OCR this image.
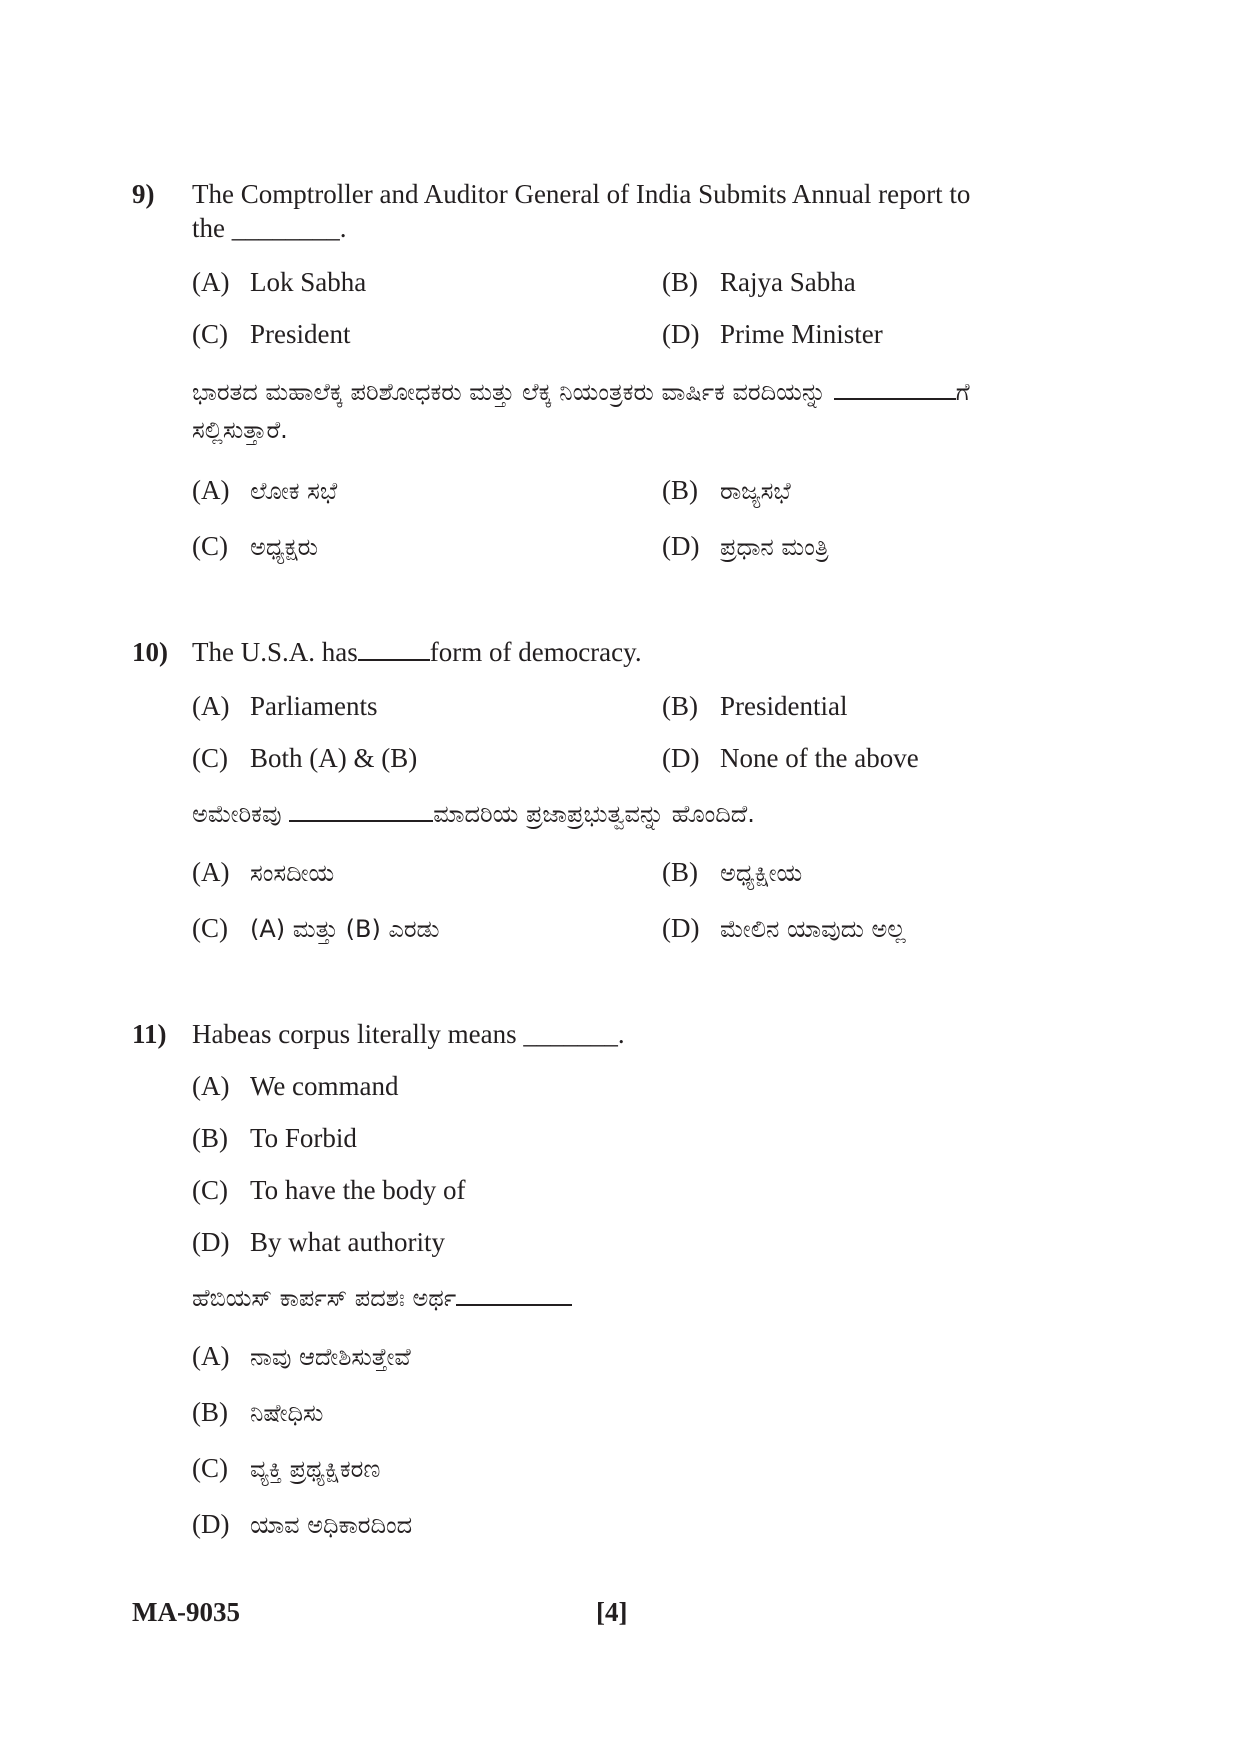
9) The Comptroller and Auditor General of India Submits Annual report to
the ________.
(A) Lok Sabha	(B) Rajya Sabha
(C) President	(D) Prime Minister
ಭಾರತದ ಮಹಾಲೆಕ್ಕ ಪರಿಶೋಧಕರು ಮತ್ತು ಲೆಕ್ಕ ನಿಯಂತ್ರಕರು ವಾರ್ಷಿಕ ವರದಿಯನ್ನು	ಗೆ
ಸಲ್ಲಿಸುತ್ತಾರೆ.
(A) ಲೋಕ ಸಭೆ	(B) ರಾಜ್ಯಸಭೆ
(C) ಅಧ್ಯಕ್ಷರು	(D) ಪ್ರಧಾನ ಮಂತ್ರಿ
10) The U.S.A. has	form of democracy.
(A) Parliaments	(B) Presidential
(C) Both (A) & (B)	(D) None of the above
ಅಮೇರಿಕವು	ಮಾದರಿಯ ಪ್ರಜಾಪ್ರಭುತ್ವವನ್ನು ಹೊಂದಿದೆ.
(A) ಸಂಸದೀಯ	(B) ಅಧ್ಯಕ್ಷೀಯ
(C) (A) ಮತ್ತು (B) ಎರಡು	(D) ಮೇಲಿನ ಯಾವುದು ಅಲ್ಲ
11) Habeas corpus literally means _______.
(A) We command
(B) To Forbid
(C) To have the body of
(D) By what authority
ಹೆಬಿಯಸ್ ಕಾರ್ಪಸ್ ಪದಶಃ ಅರ್ಥ
(A) ನಾವು ಆದೇಶಿಸುತ್ತೇವೆ
(B) ನಿಷೇಧಿಸು
(C) ವ್ಯಕ್ತಿ ಪ್ರಥ್ಯಕ್ಷಿಕರಣ
(D) ಯಾವ ಅಧಿಕಾರದಿಂದ
MA-9035	[4]
